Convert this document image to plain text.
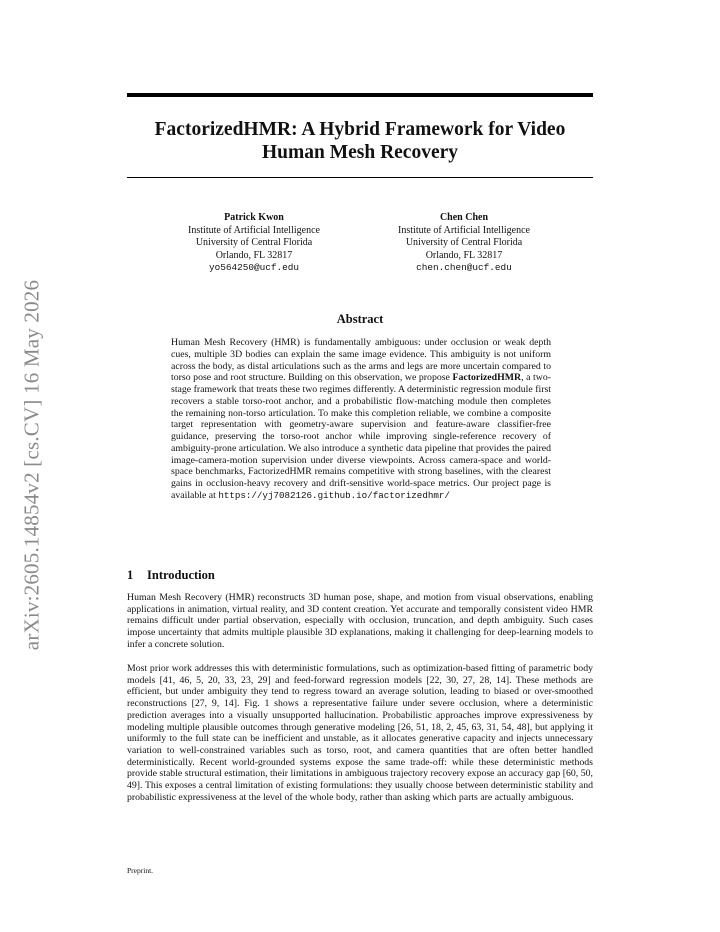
arXiv:2605.14854v2 [cs.CV] 16 May 2026
FactorizedHMR: A Hybrid Framework for Video Human Mesh Recovery
Patrick Kwon
Institute of Artificial Intelligence
University of Central Florida
Orlando, FL 32817
yo564250@ucf.edu
Chen Chen
Institute of Artificial Intelligence
University of Central Florida
Orlando, FL 32817
chen.chen@ucf.edu
Abstract
Human Mesh Recovery (HMR) is fundamentally ambiguous: under occlusion or weak depth cues, multiple 3D bodies can explain the same image evidence. This ambiguity is not uniform across the body, as distal articulations such as the arms and legs are more uncertain compared to torso pose and root structure. Building on this observation, we propose FactorizedHMR, a two-stage framework that treats these two regimes differently. A deterministic regression module first recovers a stable torso-root anchor, and a probabilistic flow-matching module then completes the remaining non-torso articulation. To make this completion reliable, we combine a composite target representation with geometry-aware supervision and feature-aware classifier-free guidance, preserving the torso-root anchor while improving single-reference recovery of ambiguity-prone articulation. We also introduce a synthetic data pipeline that provides the paired image-camera-motion supervision under diverse viewpoints. Across camera-space and world-space benchmarks, FactorizedHMR remains competitive with strong baselines, with the clearest gains in occlusion-heavy recovery and drift-sensitive world-space metrics. Our project page is available at https://yj7082126.github.io/factorizedhmr/
1 Introduction

Human Mesh Recovery (HMR) reconstructs 3D human pose, shape, and motion from visual observations, enabling applications in animation, virtual reality, and 3D content creation. Yet accurate and temporally consistent video HMR remains difficult under partial observation, especially with occlusion, truncation, and depth ambiguity. Such cases impose uncertainty that admits multiple plausible 3D explanations, making it challenging for deep-learning models to infer a concrete solution.

Most prior work addresses this with deterministic formulations, such as optimization-based fitting of parametric body models [41, 46, 5, 20, 33, 23, 29] and feed-forward regression models [22, 30, 27, 28, 14]. These methods are efficient, but under ambiguity they tend to regress toward an average solution, leading to biased or over-smoothed reconstructions [27, 9, 14]. Fig. 1 shows a representative failure under severe occlusion, where a deterministic prediction averages into a visually unsupported hallucination. Probabilistic approaches improve expressiveness by modeling multiple plausible outcomes through generative modeling [26, 51, 18, 2, 45, 63, 31, 54, 48], but applying it uniformly to the full state can be inefficient and unstable, as it allocates generative capacity and injects unnecessary variation to well-constrained variables such as torso, root, and camera quantities that are often better handled deterministically. Recent world-grounded systems expose the same trade-off: while these deterministic methods provide stable structural estimation, their limitations in ambiguous trajectory recovery expose an accuracy gap [60, 50, 49]. This exposes a central limitation of existing formulations: they usually choose between deterministic stability and probabilistic expressiveness at the level of the whole body, rather than asking which parts are actually ambiguous.

Preprint.
